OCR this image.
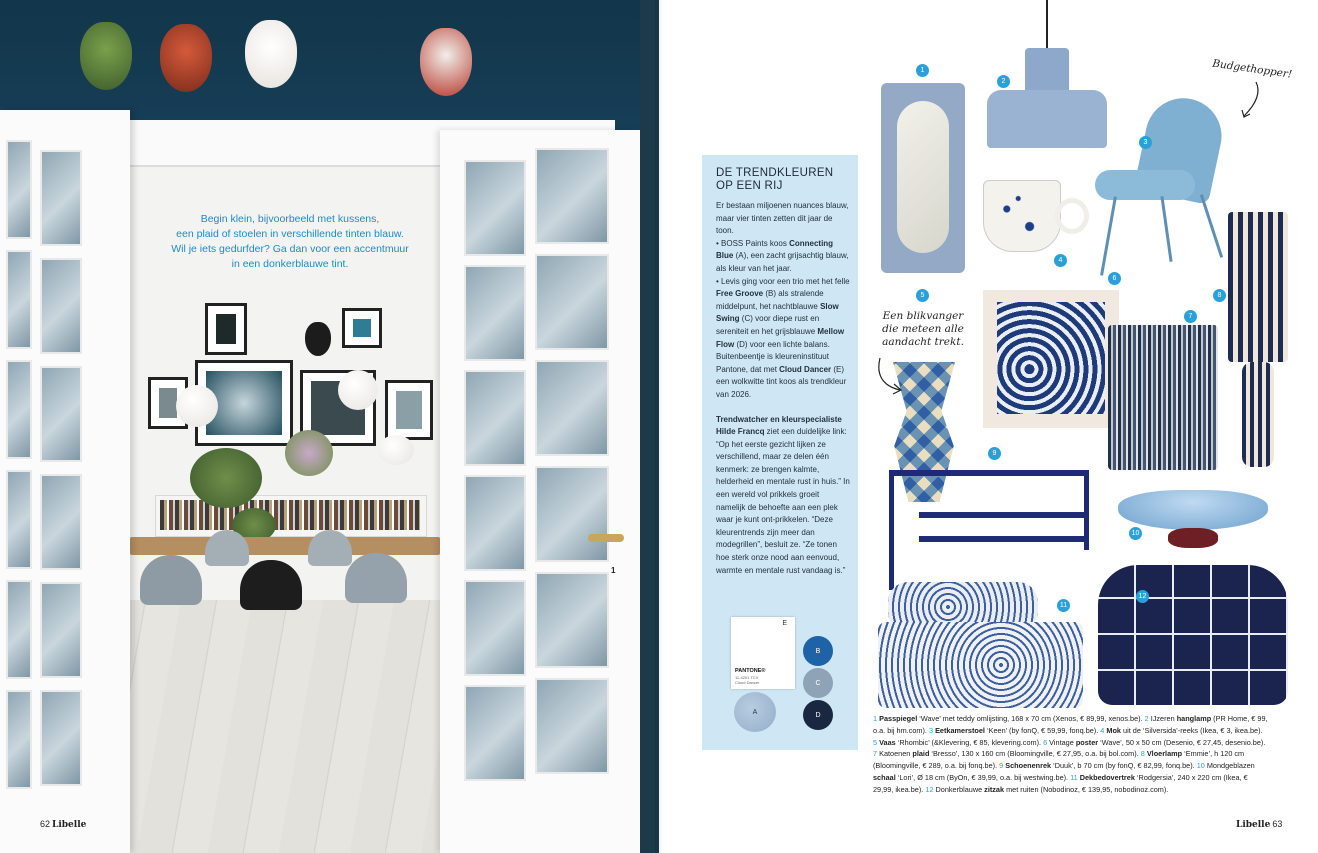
1
Begin klein, bijvoorbeeld met kussens,
een plaid of stoelen in verschillende tinten blauw.
Wil je iets gedurfder? Ga dan voor een accentmuur
in een donkerblauwe tint.
62 Libelle
DE TRENDKLEUREN
OP EEN RIJ

Er bestaan miljoenen nuances blauw, maar vier tinten zetten dit jaar de toon.
• BOSS Paints koos Connecting Blue (A), een zacht grijsachtig blauw, als kleur van het jaar.
• Levis ging voor een trio met het felle Free Groove (B) als stralende middelpunt, het nachtblauwe Slow Swing (C) voor diepe rust en sereniteit en het grijsblauwe Mellow Flow (D) voor een lichte balans. Buitenbeentje is kleureninstituut Pantone, dat met Cloud Dancer (E) een wolkwitte tint koos als trendkleur van 2026.

Trendwatcher en kleurspecialiste Hilde Francq ziet een duidelijke link: “Op het eerste gezicht lijken ze verschillend, maar ze delen één kenmerk: ze brengen kalmte, helderheid en mentale rust in huis.” In een wereld vol prikkels groeit namelijk de behoefte aan een plek waar je kunt ont-prikkelen. “Deze kleurentrends zijn meer dan modegrillen”, besluit ze. “Ze tonen hoe sterk onze nood aan eenvoud, warmte en mentale rust vandaag is.”

E
PANTONE®
11-4201 TCX
Cloud Dancer
A
B
C
D
1
2
3
4
5
6
7
8
9
10
11
12
Budgethopper!
Een blikvanger
die meteen alle
aandacht trekt.
1 Passpiegel ‘Wave’ met teddy omlijsting, 168 x 70 cm (Xenos, € 89,99, xenos.be). 2 IJzeren hanglamp (PR Home, € 99, o.a. bij hm.com). 3 Eetkamerstoel ‘Keen’ (by fonQ, € 59,99, fonq.be). 4 Mok uit de ‘Silversida’-reeks (Ikea, € 3, ikea.be). 5 Vaas ‘Rhombic’ (&Klevering, € 85, klevering.com). 6 Vintage poster ‘Wave’, 50 x 50 cm (Desenio, € 27,45, desenio.be). 7 Katoenen plaid ‘Bresso’, 130 x 160 cm (Bloomingville, € 27,95, o.a. bij bol.com). 8 Vloerlamp ‘Emmie’, h 120 cm (Bloomingville, € 289, o.a. bij fonq.be). 9 Schoenenrek ‘Duuk’, b 70 cm (by fonQ, € 82,99, fonq.be). 10 Mondgeblazen schaal ‘Lori’, Ø 18 cm (ByOn, € 39,99, o.a. bij westwing.be). 11 Dekbedovertrek ‘Rodgersia’, 240 x 220 cm (Ikea, € 29,99, ikea.be). 12 Donkerblauwe zitzak met ruiten (Nobodinoz, € 139,95, nobodinoz.com).
Libelle 63
